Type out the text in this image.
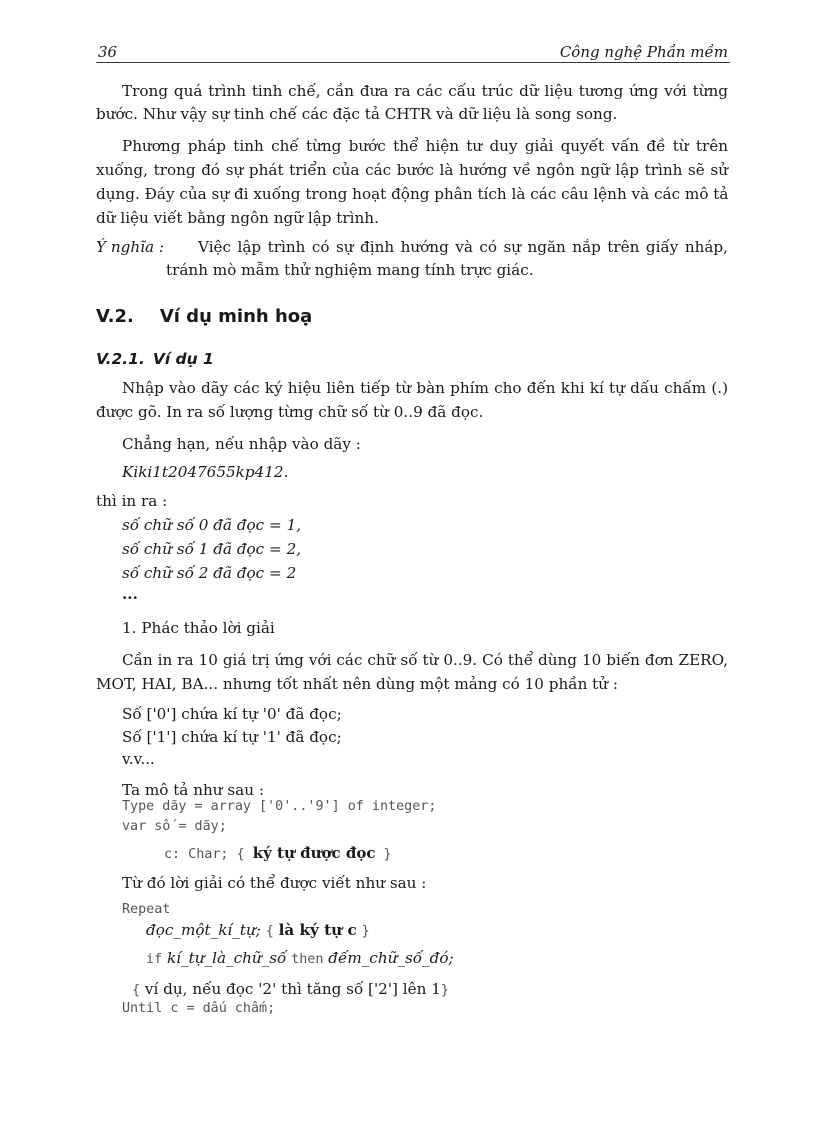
36	Công nghệ Phần mềm
Trong quá trình tinh chế, cần đưa ra các cấu trúc dữ liệu tương ứng với từng
bước. Như vậy sự tinh chế các đặc tả CHTR và dữ liệu là song song.
Phương pháp tinh chế từng bước thể hiện tư duy giải quyết vấn đề từ trên
xuống, trong đó sự phát triển của các bước là hướng về ngôn ngữ lập trình sẽ sử
dụng. Đáy của sự đi xuống trong hoạt động phân tích là các câu lệnh và các mô tả
dữ liệu viết bằng ngôn ngữ lập trình.
Ý nghĩa : Việc lập trình có sự định hướng và có sự ngăn nắp trên giấy nháp,
tránh mò mẫm thử nghiệm mang tính trực giác.
V.2. Ví dụ minh hoạ
V.2.1. Ví dụ 1
Nhập vào dãy các ký hiệu liên tiếp từ bàn phím cho đến khi kí tự dấu chấm (.)
được gõ. In ra số lượng từng chữ số từ 0..9 đã đọc.
Chẳng hạn, nếu nhập vào dãy :
Kiki1t2047655kp412.
thì in ra :
số chữ số 0 đã đọc = 1,
số chữ số 1 đã đọc = 2,
số chữ số 2 đã đọc = 2
...
1. Phác thảo lời giải
Cần in ra 10 giá trị ứng với các chữ số từ 0..9. Có thể dùng 10 biến đơn ZERO,
MOT, HAI, BA... nhưng tốt nhất nên dùng một mảng có 10 phần tử :
Số ['0'] chứa kí tự '0' đã đọc;
Số ['1'] chứa kí tự '1' đã đọc;
v.v...
Ta mô tả như sau :
Type dãy = array ['0'..'9'] of integer;
var số = dãy;
c: Char; { ký tự được đọc }
Từ đó lời giải có thể được viết như sau :
Repeat
đọc_một_kí_tự; { là ký tự c }
if kí_tự_là_chữ_số then đếm_chữ_số_đó;
{ ví dụ, nếu đọc '2' thì tăng số ['2'] lên 1}
Until c = dấu chấm;
